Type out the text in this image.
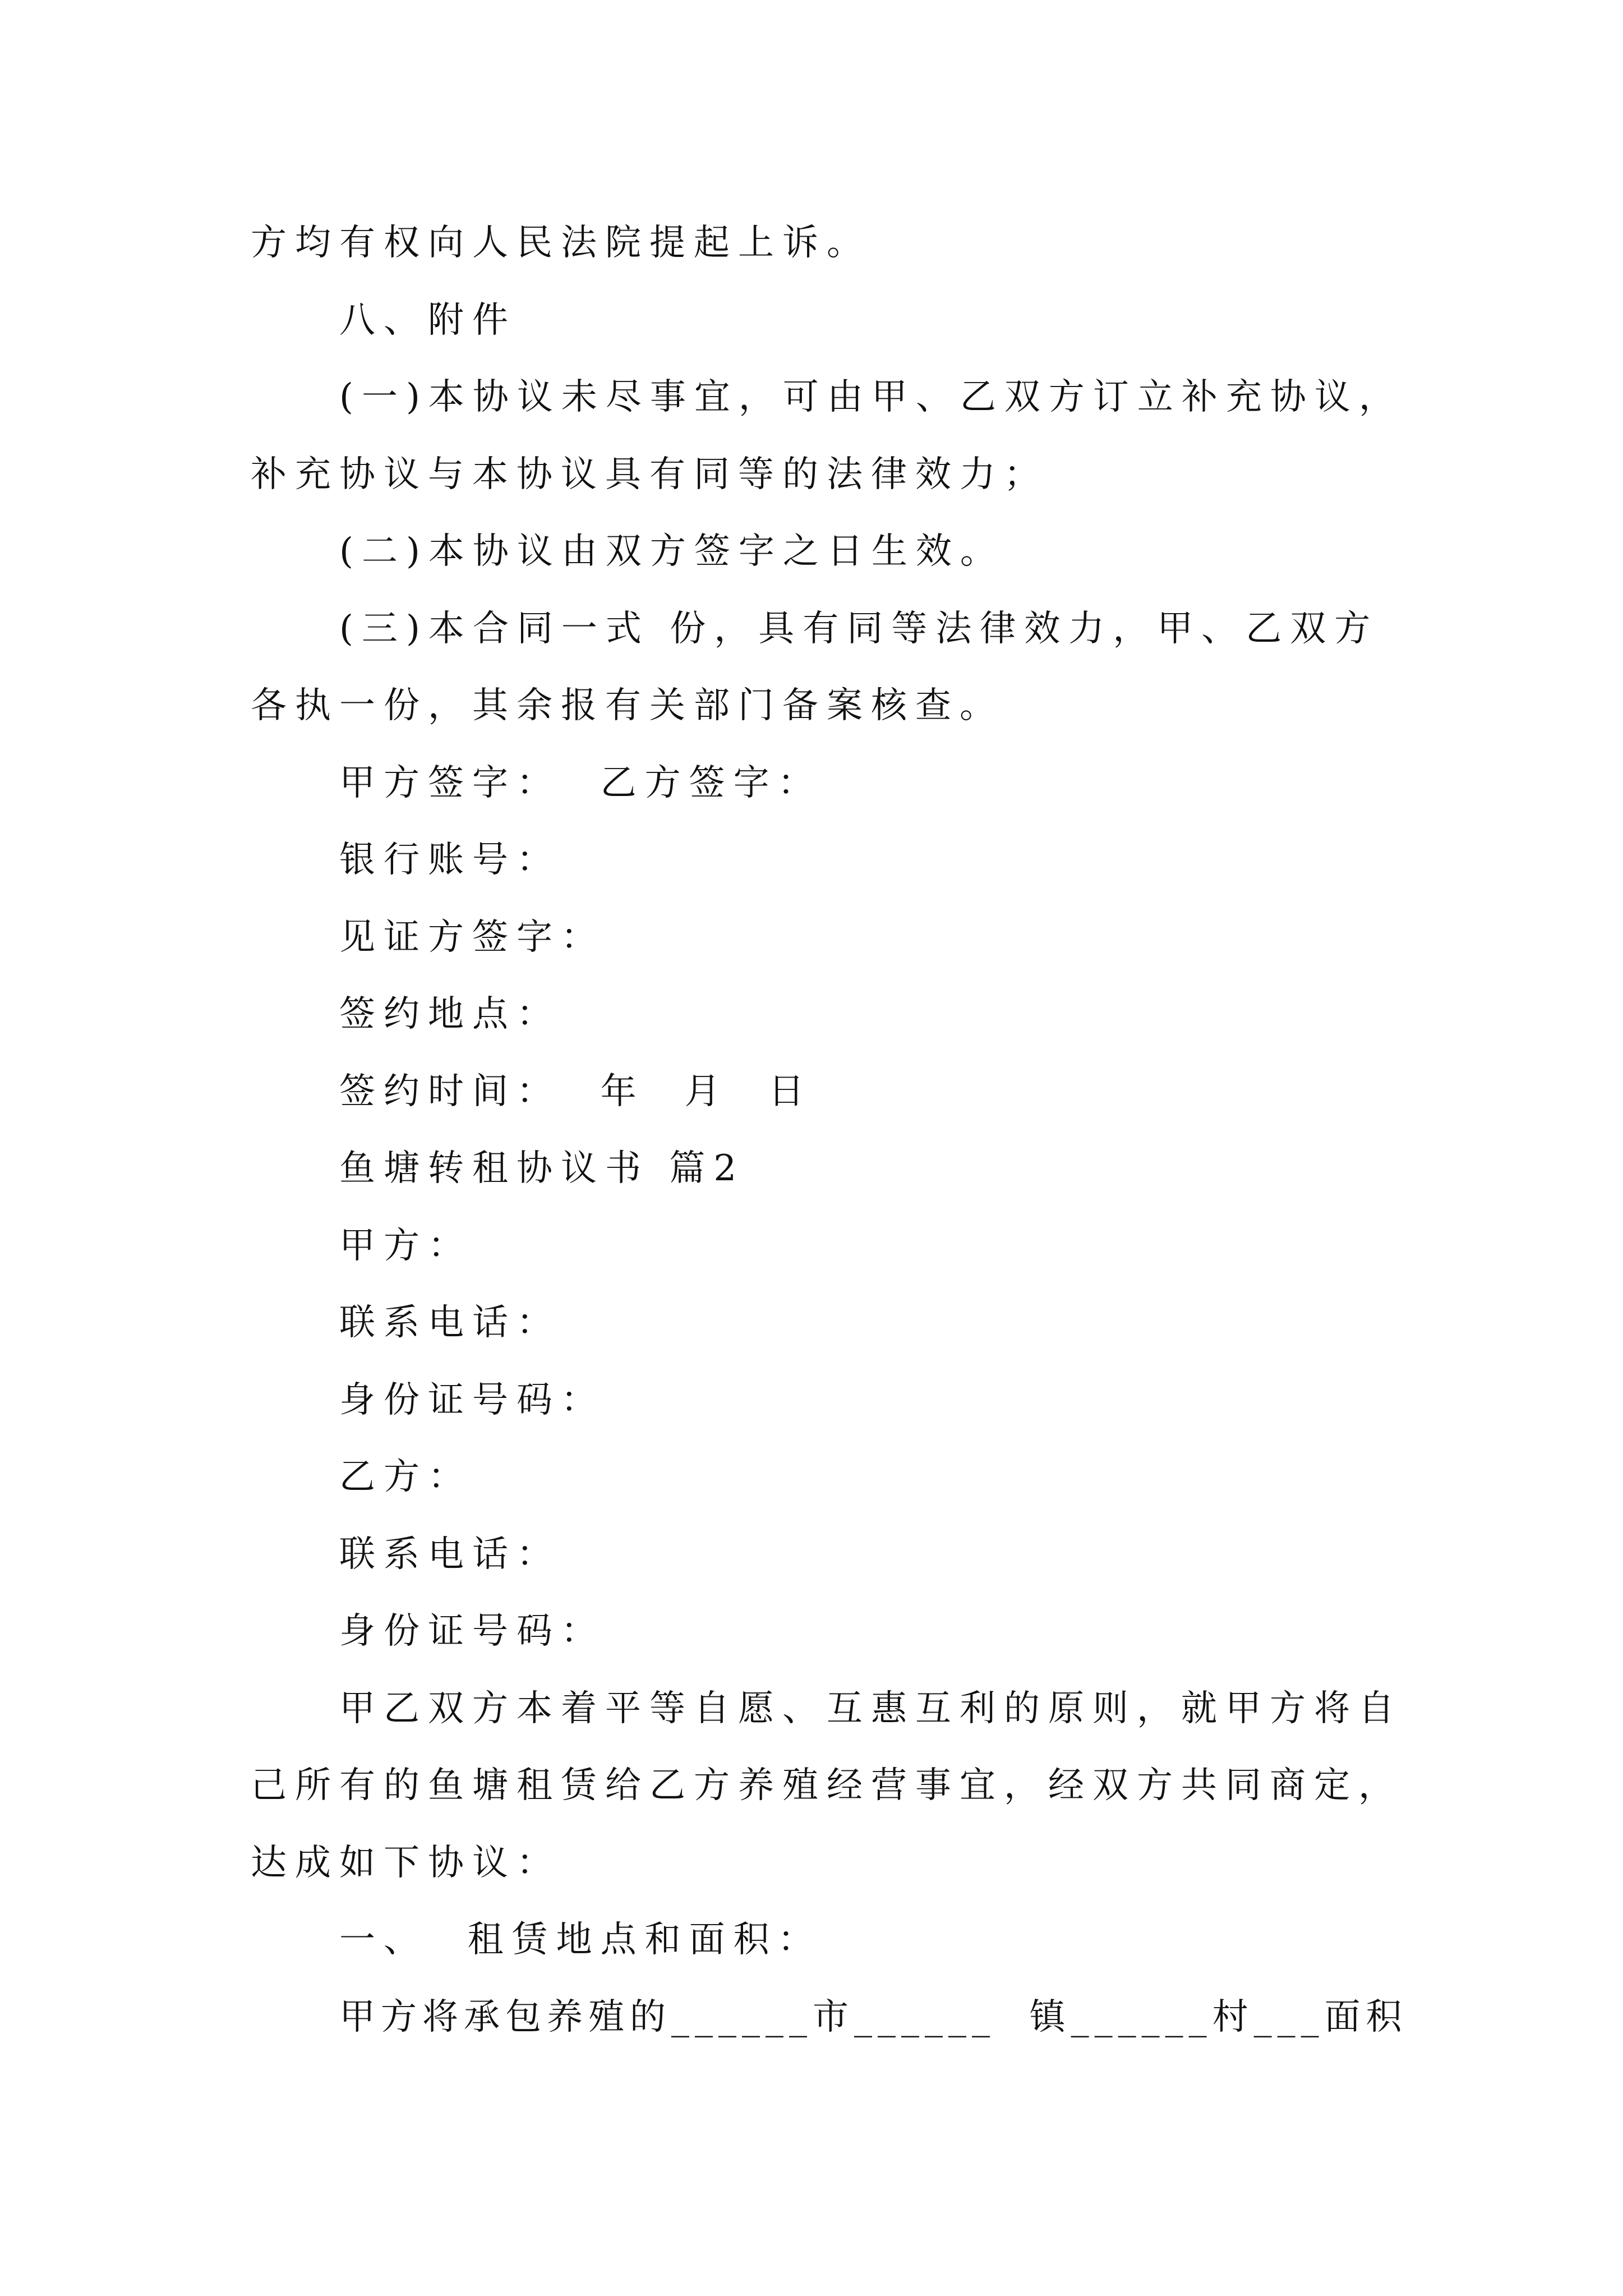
方均有权向人民法院提起上诉。
八、附件
(一)本协议未尽事宜，可由甲、乙双方订立补充协议，
补充协议与本协议具有同等的法律效力；
(二)本协议由双方签字之日生效。
(三)本合同一式 份，具有同等法律效力，甲、乙双方
各执一份，其余报有关部门备案核查。
甲方签字：  乙方签字：
银行账号：
见证方签字：
签约地点：
签约时间：  年  月  日
鱼塘转租协议书 篇2
甲方：
联系电话：
身份证号码：
乙方：
联系电话：
身份证号码：
甲乙双方本着平等自愿、互惠互利的原则，就甲方将自
己所有的鱼塘租赁给乙方养殖经营事宜，经双方共同商定，
达成如下协议：
一、  租赁地点和面积：
甲方将承包养殖的______市______  镇______村___面积
